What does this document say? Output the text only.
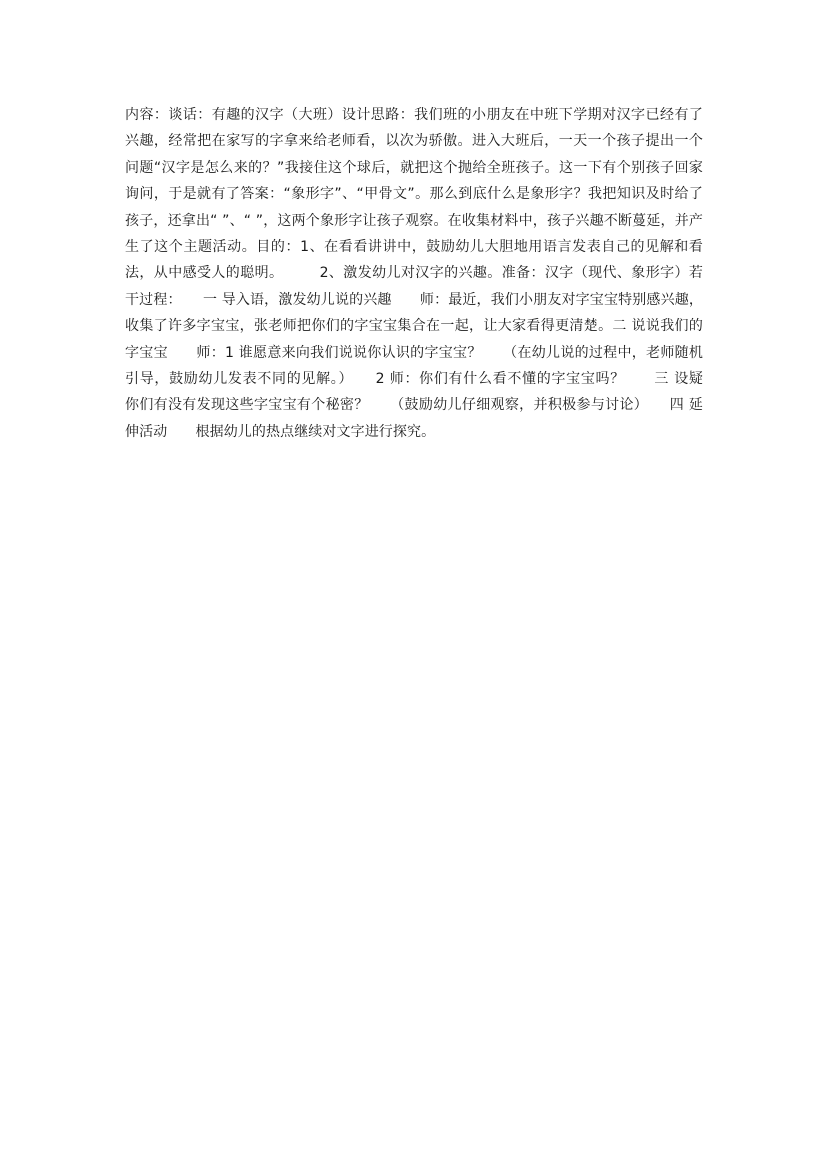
内容：谈话：有趣的汉字（大班）设计思路：我们班的小朋友在中班下学期对汉字已经有了兴趣，经常把在家写的字拿来给老师看，以次为骄傲。进入大班后，一天一个孩子提出一个问题“汉字是怎么来的？”我接住这个球后，就把这个抛给全班孩子。这一下有个别孩子回家询问，于是就有了答案：“象形字”、“甲骨文”。那么到底什么是象形字？我把知识及时给了孩子，还拿出“ ”、“ ”，这两个象形字让孩子观察。在收集材料中，孩子兴趣不断蔓延，并产生了这个主题活动。目的：1、在看看讲讲中，鼓励幼儿大胆地用语言发表自己的见解和看法，从中感受人的聪明。　　　2、激发幼儿对汉字的兴趣。准备：汉字（现代、象形字）若干过程：　　一 导入语，激发幼儿说的兴趣　　师：最近，我们小朋友对字宝宝特别感兴趣，收集了许多字宝宝，张老师把你们的字宝宝集合在一起，让大家看得更清楚。二 说说我们的字宝宝　　师：1 谁愿意来向我们说说你认识的字宝宝？　　（在幼儿说的过程中，老师随机引导，鼓励幼儿发表不同的见解。）　　2 师：你们有什么看不懂的字宝宝吗？　　三 设疑　　你们有没有发现这些字宝宝有个秘密？　　（鼓励幼儿仔细观察，并积极参与讨论）　　四 延伸活动　　根据幼儿的热点继续对文字进行探究。
